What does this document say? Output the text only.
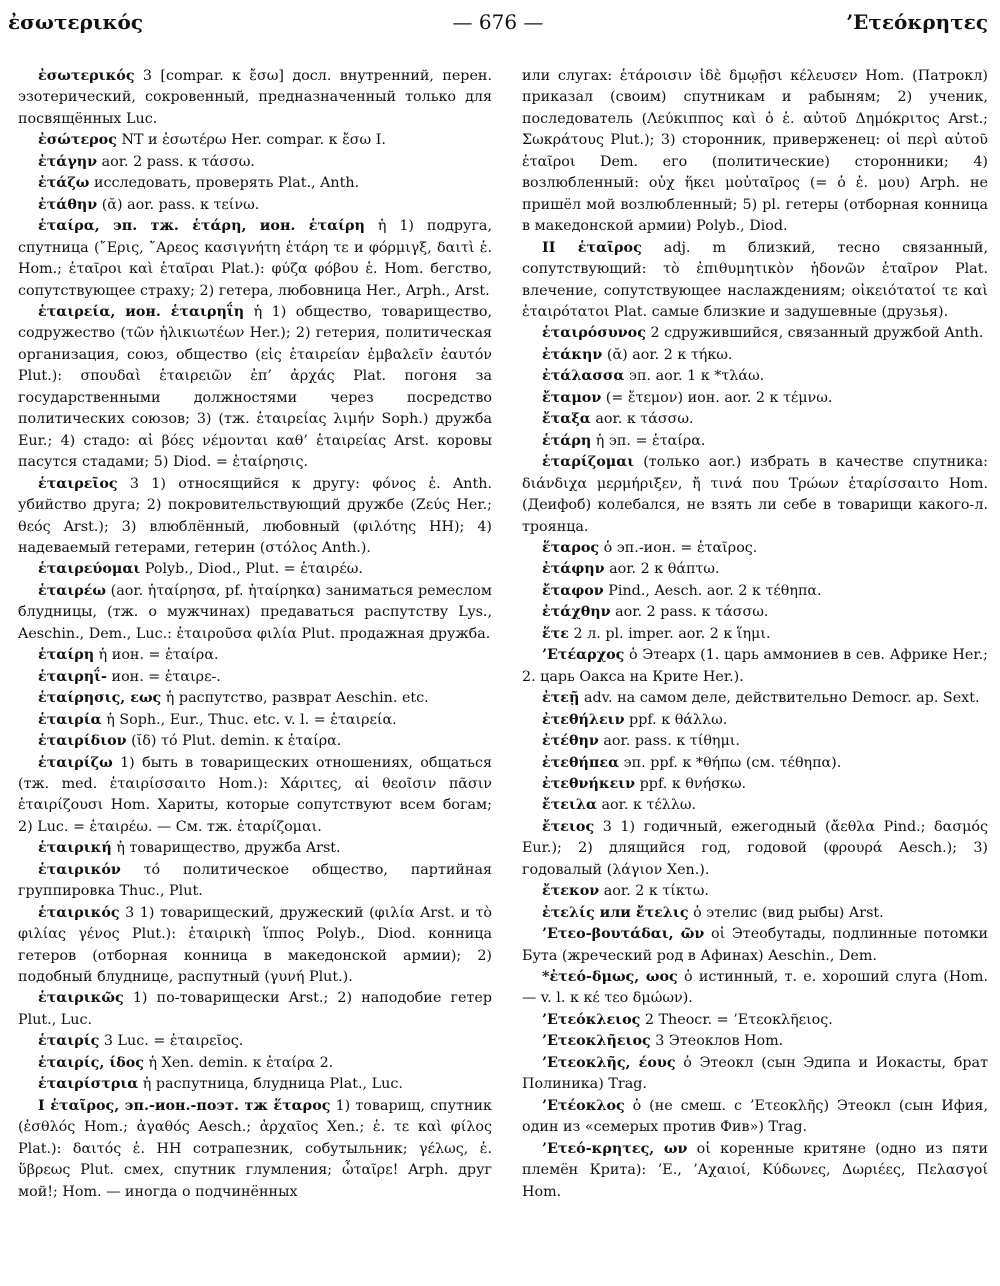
ἐσωτερικός	— 676 —	’Ετεόκρητες

ἐσωτερικός 3 [compar. к ἔσω] досл. внутренний, перен. эзотерический, сокровенный, предназначенный только для посвящённых Luc.

ἐσώτερος NT и ἐσωτέρω Her. compar. к ἔσω I.

ἐτάγην aor. 2 pass. к τάσσω.

ἐτάζω исследовать, проверять Plat., Anth.

ἐτάθην (ᾰ) aor. pass. к τείνω.

ἑταίρα, эп. тж. ἑτάρη, ион. ἑταίρη ἡ 1) подруга, спутница (῎Ερις, ῎Αρεος κασιγνήτη ἑτάρη τε и φόρμιγξ, δαιτὶ ἑ. Hom.; ἑταῖροι καὶ ἑταῖραι Plat.): φύζα φόβου ἑ. Hom. бегство, сопутствующее страху; 2) гетера, любовница Her., Arph., Arst.

ἑταιρεία, ион. ἑταιρηΐη ἡ 1) общество, товарищество, содружество (τῶν ἡλικιωτέων Her.); 2) гетерия, политическая организация, союз, общество (εἰς ἑταιρείαν ἐμβαλεῖν ἑαυτόν Plut.): σπουδαὶ ἑταιρειῶν ἐπ’ ἀρχάς Plat. погоня за государственными должностями через посредство политических союзов; 3) (тж. ἑταιρείας λιμήν Soph.) дружба Eur.; 4) стадо: αἱ βόες νέμονται καθ’ ἑταιρείας Arst. коровы пасутся стадами; 5) Diod. = ἑταίρησις.

ἑταιρεῖος 3 1) относящийся к другу: φόνος ἑ. Anth. убийство друга; 2) покровительствующий дружбе (Ζεύς Her.; θεός Arst.); 3) влюблённый, любовный (φιλότης HH); 4) надеваемый гетерами, гетерин (στόλος Anth.).

ἑταιρεύομαι Polyb., Diod., Plut. = ἑταιρέω.

ἑταιρέω (aor. ἡταίρησα, pf. ἡταίρηκα) заниматься ремеслом блудницы, (тж. о мужчинах) предаваться распутству Lys., Aeschin., Dem., Luc.: ἑταιροῦσα φιλία Plut. продажная дружба.

ἑταίρη ἡ ион. = ἑταίρα.

ἑταιρηΐ- ион. = ἑταιρε-.

ἑταίρησις, εως ἡ распутство, разврат Aeschin. etc.

ἑταιρία ἡ Soph., Eur., Thuc. etc. v. l. = ἑταιρεία.

ἑταιρίδιον (ῐδ) τό Plut. demin. к ἑταίρα.

ἑταιρίζω 1) быть в товарищеских отношениях, общаться (тж. med. ἑταιρίσσαιτο Hom.): Χάριτες, αἱ θεοῖσιν πᾶσιν ἑταιρίζουσι Hom. Хариты, которые сопутствуют всем богам; 2) Luc. = ἑταιρέω. — См. тж. ἑταρίζομαι.

ἑταιρική ἡ товарищество, дружба Arst.

ἑταιρικόν τό политическое общество, партийная группировка Thuc., Plut.

ἑταιρικός 3 1) товарищеский, дружеский (φιλία Arst. и τὸ φιλίας γένος Plut.): ἑταιρικὴ ἵππος Polyb., Diod. конница гетеров (отборная конница в македонской армии); 2) подобный блуднице, распутный (γυνή Plut.).

ἑταιρικῶς 1) по-товарищески Arst.; 2) наподобие гетер Plut., Luc.

ἑταιρίς 3 Luc. = ἑταιρεῖος.

ἑταιρίς, ίδος ἡ Xen. demin. к ἑταίρα 2.

ἑταιρίστρια ἡ распутница, блудница Plat., Luc.

I ἑταῖρος, эп.-ион.-поэт. тж ἕταρος 1) товарищ, спутник (ἐσθλός Hom.; ἀγαθός Aesch.; ἀρχαῖος Xen.; ἑ. τε καὶ φίλος Plat.): δαιτός ἑ. HH сотрапезник, собутыльник; γέλως, ἑ. ὕβρεως Plut. смех, спутник глумления; ὦταῖρε! Arph. друг мой!; Hom. — иногда о подчинённых

или слугах: ἑτάροισιν ἰδὲ δμῳῇσι κέλευσεν Hom. (Патрокл) приказал (своим) спутникам и рабыням; 2) ученик, последователь (Λεύκιππος καὶ ὁ ἑ. αὐτοῦ Δημόκριτος Arst.; Σωκράτους Plut.); 3) сторонник, приверженец: οἱ περὶ αὐτοῦ ἑταῖροι Dem. его (политические) сторонники; 4) возлюбленный: οὐχ ἥκει μοὐταῖρος (= ὁ ἑ. μου) Arph. не пришёл мой возлюбленный; 5) pl. гетеры (отборная конница в македонской армии) Polyb., Diod.

II ἑταῖρος adj. m близкий, тесно связанный, сопутствующий: τὸ ἐπιθυμητικὸν ἡδονῶν ἑταῖρον Plat. влечение, сопутствующее наслаждениям; οἰκειότατοί τε καὶ ἑταιρότατοι Plat. самые близкие и задушевные (друзья).

ἑταιρόσυνος 2 сдружившийся, связанный дружбой Anth.

ἐτάκην (ᾰ) aor. 2 к τήκω.

ἐτάλασσα эп. aor. 1 к *τλάω.

ἔταμον (= ἔτεμον) ион. aor. 2 к τέμνω.

ἔταξα aor. к τάσσω.

ἑτάρη ἡ эп. = ἑταίρα.

ἑταρίζομαι (только aor.) избрать в качестве спутника: διάνδιχα μερμήριξεν, ἤ τινά που Τρώων ἑταρίσσαιτο Hom. (Деифоб) колебался, не взять ли себе в товарищи какого-л. троянца.

ἕταρος ὁ эп.-ион. = ἑταῖρος.

ἐτάφην aor. 2 к θάπτω.

ἔταφον Pind., Aesch. aor. 2 к τέθηπα.

ἐτάχθην aor. 2 pass. к τάσσω.

ἕτε 2 л. pl. imper. aor. 2 к ἵημι.

’Ετέαρχος ὁ Этеарх (1. царь аммониев в сев. Африке Her.; 2. царь Оакса на Крите Her.).

ἐτεῇ adv. на самом деле, действительно Democr. ap. Sext.

ἐτεθήλειν ppf. к θάλλω.

ἐτέθην aor. pass. к τίθημι.

ἐτεθήπεα эп. ppf. к *θήπω (см. τέθηπα).

ἐτεθνήκειν ppf. к θνήσκω.

ἔτειλα aor. к τέλλω.

ἔτειος 3 1) годичный, ежегодный (ἄεθλα Pind.; δασμός Eur.); 2) длящийся год, годовой (φρουρά Aesch.); 3) годовалый (λάγιον Xen.).

ἔτεκον aor. 2 к τίκτω.

ἐτελίς или ἔτελις ὁ этелис (вид рыбы) Arst.

’Ετεο-βουτάδαι, ῶν οἱ Этеобутады, подлинные потомки Бута (жреческий род в Афинах) Aeschin., Dem.

*ἐτεό-δμως, ωος ὁ истинный, т. е. хороший слуга (Hom. — v. l. к κέ τεο δμώων).

’Ετεόκλειος 2 Theocr. = ’Ετεοκλῆειος.

’Ετεοκλῆειος 3 Этеоклов Hom.

’Ετεοκλῆς, έους ὁ Этеокл (сын Эдипа и Иокасты, брат Полиника) Trag.

’Ετέοκλος ὁ (не смеш. с ’Ετεοκλῆς) Этеокл (сын Ифия, один из «семерых против Фив») Trag.

’Ετεό-κρητες, ων οἱ коренные критяне (одно из пяти племён Крита): ’Ε., ’Αχαιοί, Κύδωνες, Δωριέες, Πελασγοί Hom.
